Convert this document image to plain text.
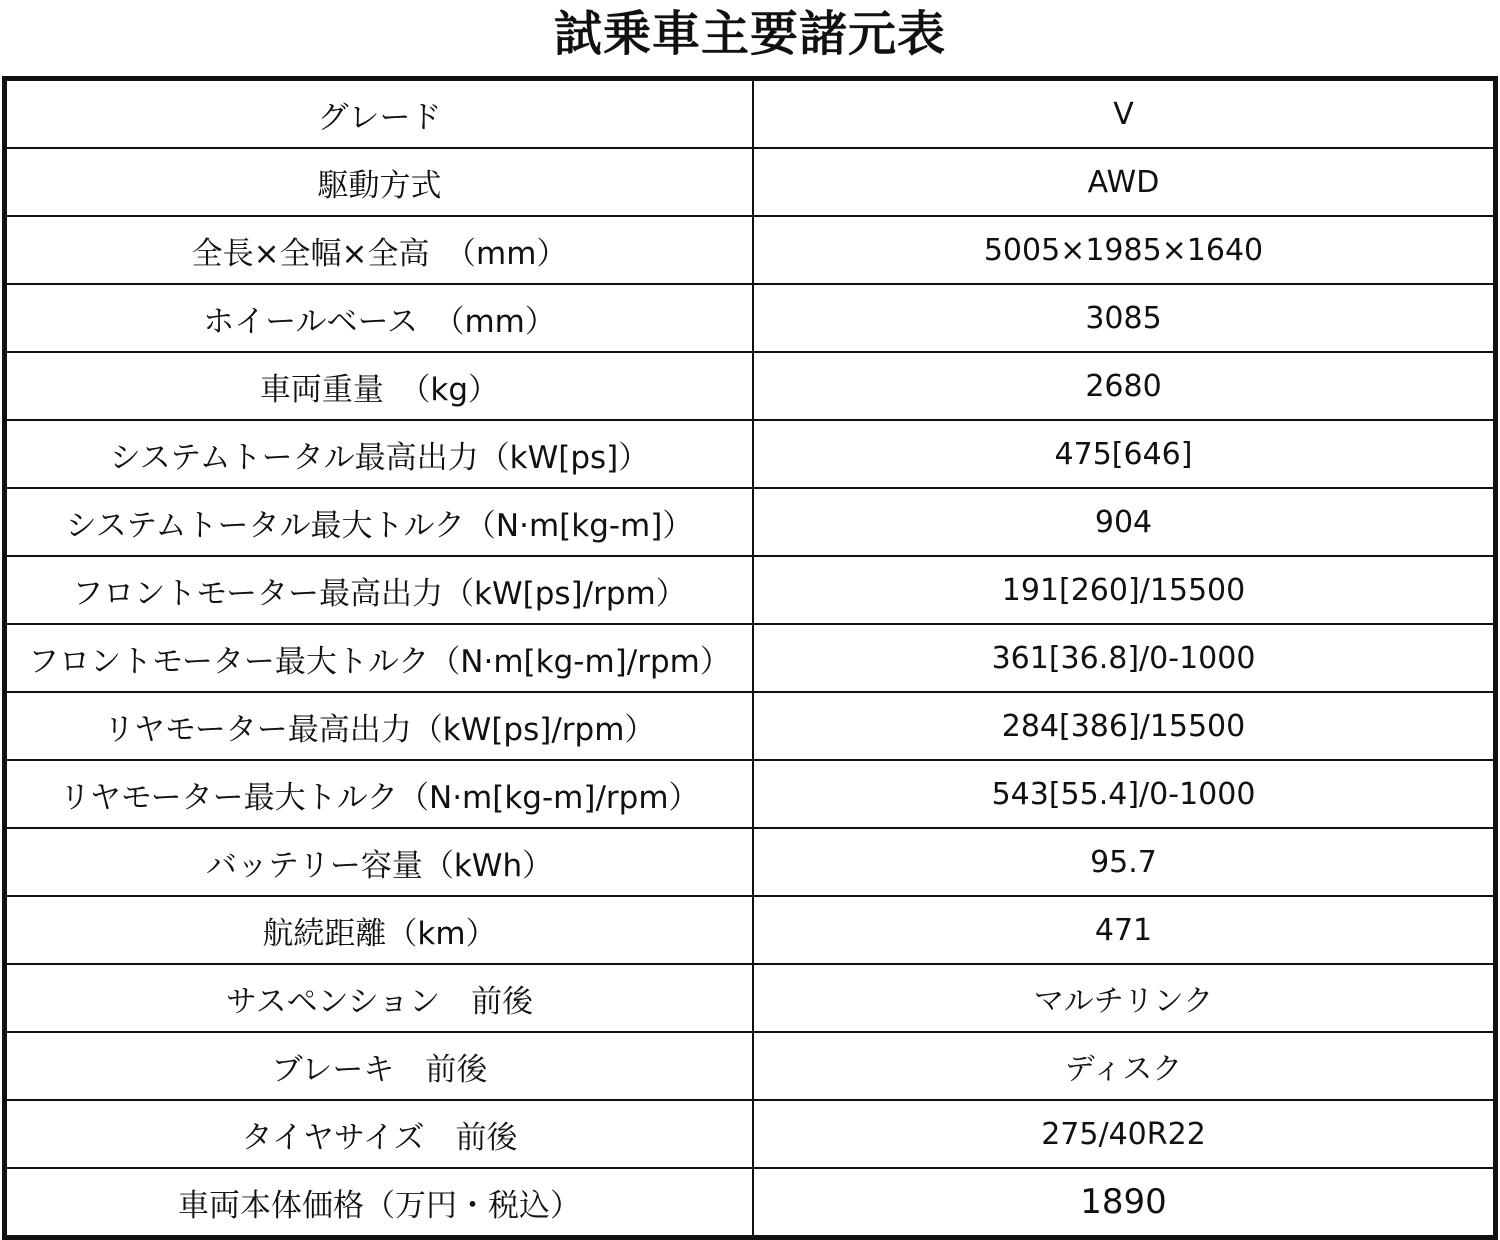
試乗車主要諸元表
グレード	V
駆動方式	AWD
全長×全幅×全高　（mm）	5005×1985×1640
ホイールベース　（mm）	3085
車両重量　（kg）	2680
システムトータル最高出力（kW[ps]）	475[646]
システムトータル最大トルク（N·m[kg-m]）	904
フロントモーター最高出力（kW[ps]/rpm）	191[260]/15500
フロントモーター最大トルク（N·m[kg-m]/rpm）	361[36.8]/0-1000
リヤモーター最高出力（kW[ps]/rpm）	284[386]/15500
リヤモーター最大トルク（N·m[kg-m]/rpm）	543[55.4]/0-1000
バッテリー容量（kWh）	95.7
航続距離（km）	471
サスペンション　前後	マルチリンク
ブレーキ　前後	ディスク
タイヤサイズ　前後	275/40R22
車両本体価格（万円・税込）	1890
